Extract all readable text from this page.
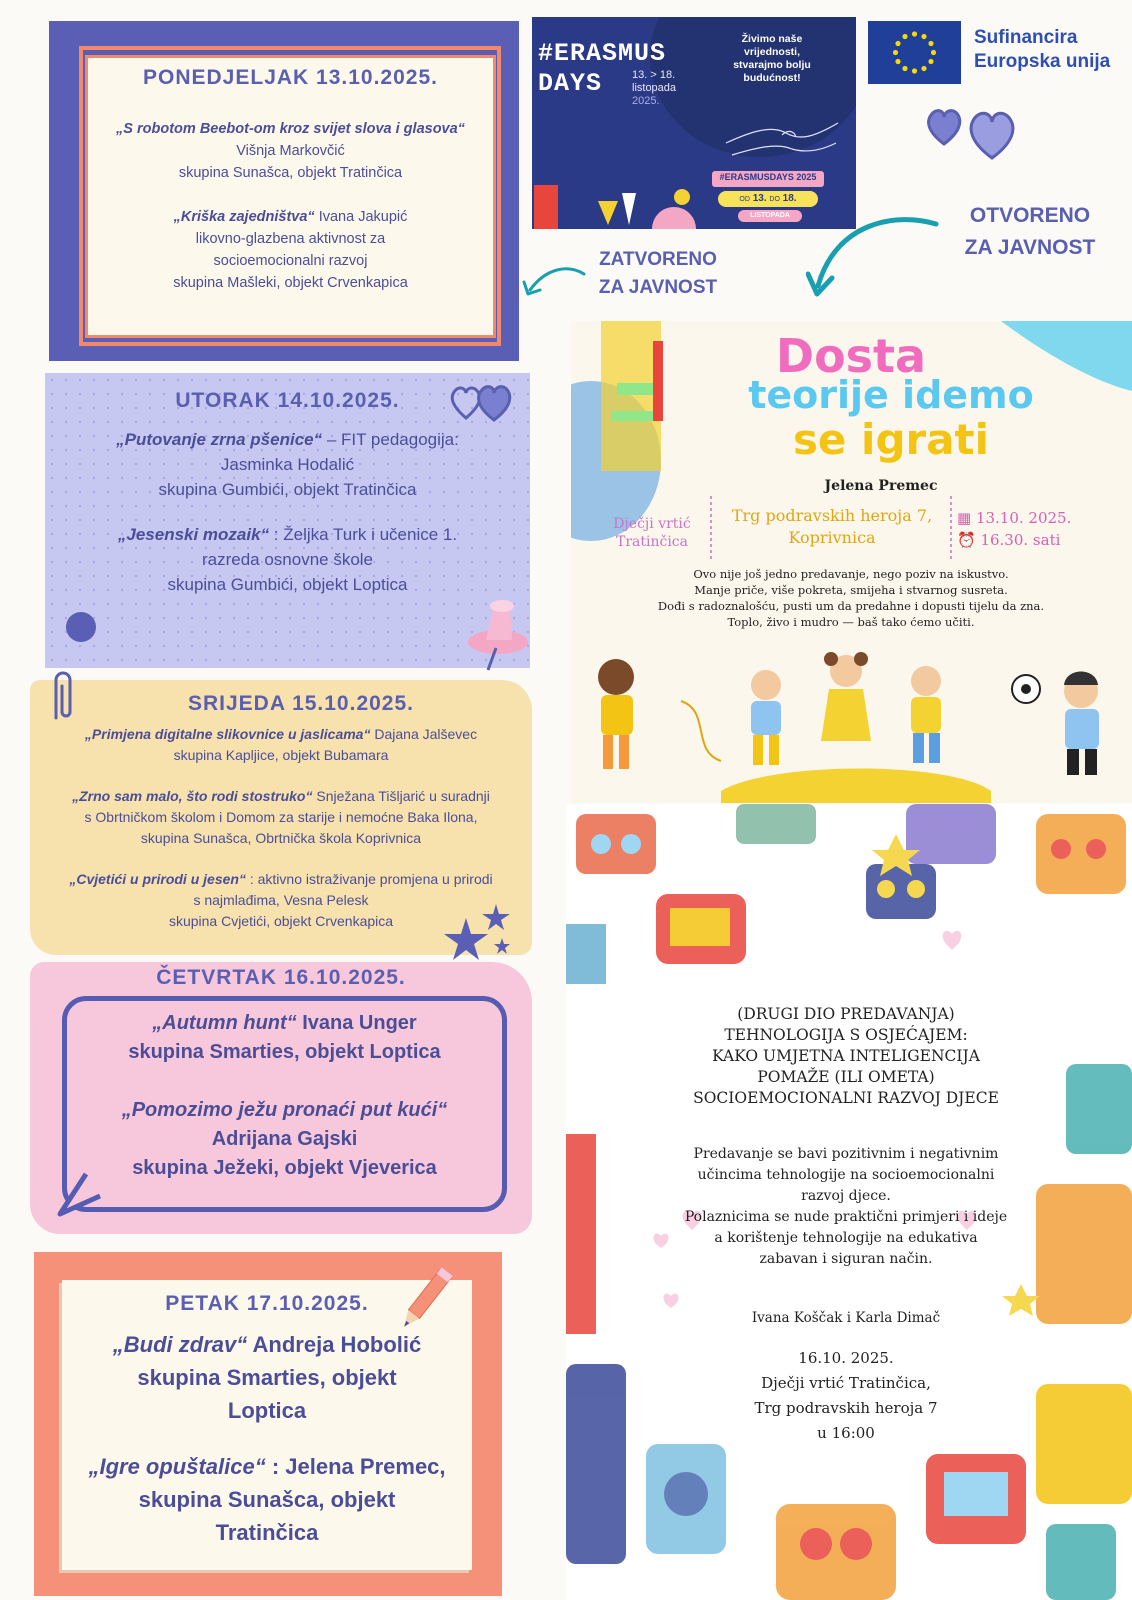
PONEDJELJAK 13.10.2025.
„S robotom Beebot-om kroz svijet slova i glasova“
Višnja Markovčić
skupina Sunašca, objekt Tratinčica
„Kriška zajedništva“ Ivana Jakupić
likovno-glazbena aktivnost za
socioemocionalni razvoj
skupina Mašleki, objekt Crvenkapica
UTORAK 14.10.2025.
„Putovanje zrna pšenice“ – FIT pedagogija:
Jasminka Hodalić
skupina Gumbići, objekt Tratinčica
„Jesenski mozaik“ : Željka Turk i učenice 1.
razreda osnovne škole
skupina Gumbići, objekt Loptica
SRIJEDA 15.10.2025.
„Primjena digitalne slikovnice u jaslicama“ Dajana Jalševec
skupina Kapljice, objekt Bubamara
„Zrno sam malo, što rodi stostruko“ Snježana Tišljarić u suradnji
s Obrtničkom školom i Domom za starije i nemoćne Baka Ilona,
skupina Sunašca, Obrtnička škola Koprivnica
„Cvjetići u prirodi u jesen“ : aktivno istraživanje promjena u prirodi
s najmlađima, Vesna Pelesk
skupina Cvjetići, objekt Crvenkapica
ČETVRTAK 16.10.2025.
„Autumn hunt“ Ivana Unger
skupina Smarties, objekt Loptica
„Pomozimo ježu pronaći put kući“
Adrijana Gajski
skupina Ježeki, objekt Vjeverica
PETAK 17.10.2025.
„Budi zdrav“ Andreja Hobolić
skupina Smarties, objekt
Loptica
„Igre opuštalice“ : Jelena Premec,
skupina Sunašca, objekt
Tratinčica
#ERASMUS
DAYS	13. > 18.
listopada
2025.
Živimo naše
vrijednosti,
stvarajmo bolju
budućnost!
#ERASMUSDAYS 2025
OD 13. DO 18.
LISTOPADA
Sufinancira
Europska unija
ZATVORENO
ZA JAVNOST
OTVORENO
ZA JAVNOST
Dosta
teorije idemo
se igrati
Jelena Premec
Dječji vrtić
Tratinčica
Trg podravskih heroja 7,
Koprivnica
▦ 13.10. 2025.
⏰ 16.30. sati
Ovo nije još jedno predavanje, nego poziv na iskustvo.
Manje priče, više pokreta, smijeha i stvarnog susreta.
Dođi s radoznalošću, pusti um da predahne i dopusti tijelu da zna.
Toplo, živo i mudro — baš tako ćemo učiti.
(DRUGI DIO PREDAVANJA)
TEHNOLOGIJA S OSJEĆAJEM:
KAKO UMJETNA INTELIGENCIJA
POMAŽE (ILI OMETA)
SOCIOEMOCIONALNI RAZVOJ DJECE
Predavanje se bavi pozitivnim i negativnim
učincima tehnologije na socioemocionalni
razvoj djece.
Polaznicima se nude praktični primjeri i ideje
a korištenje tehnologije na edukativa
zabavan i siguran način.
Ivana Koščak i Karla Dimač
16.10. 2025.
Dječji vrtić Tratinčica,
Trg podravskih heroja 7
u 16:00
